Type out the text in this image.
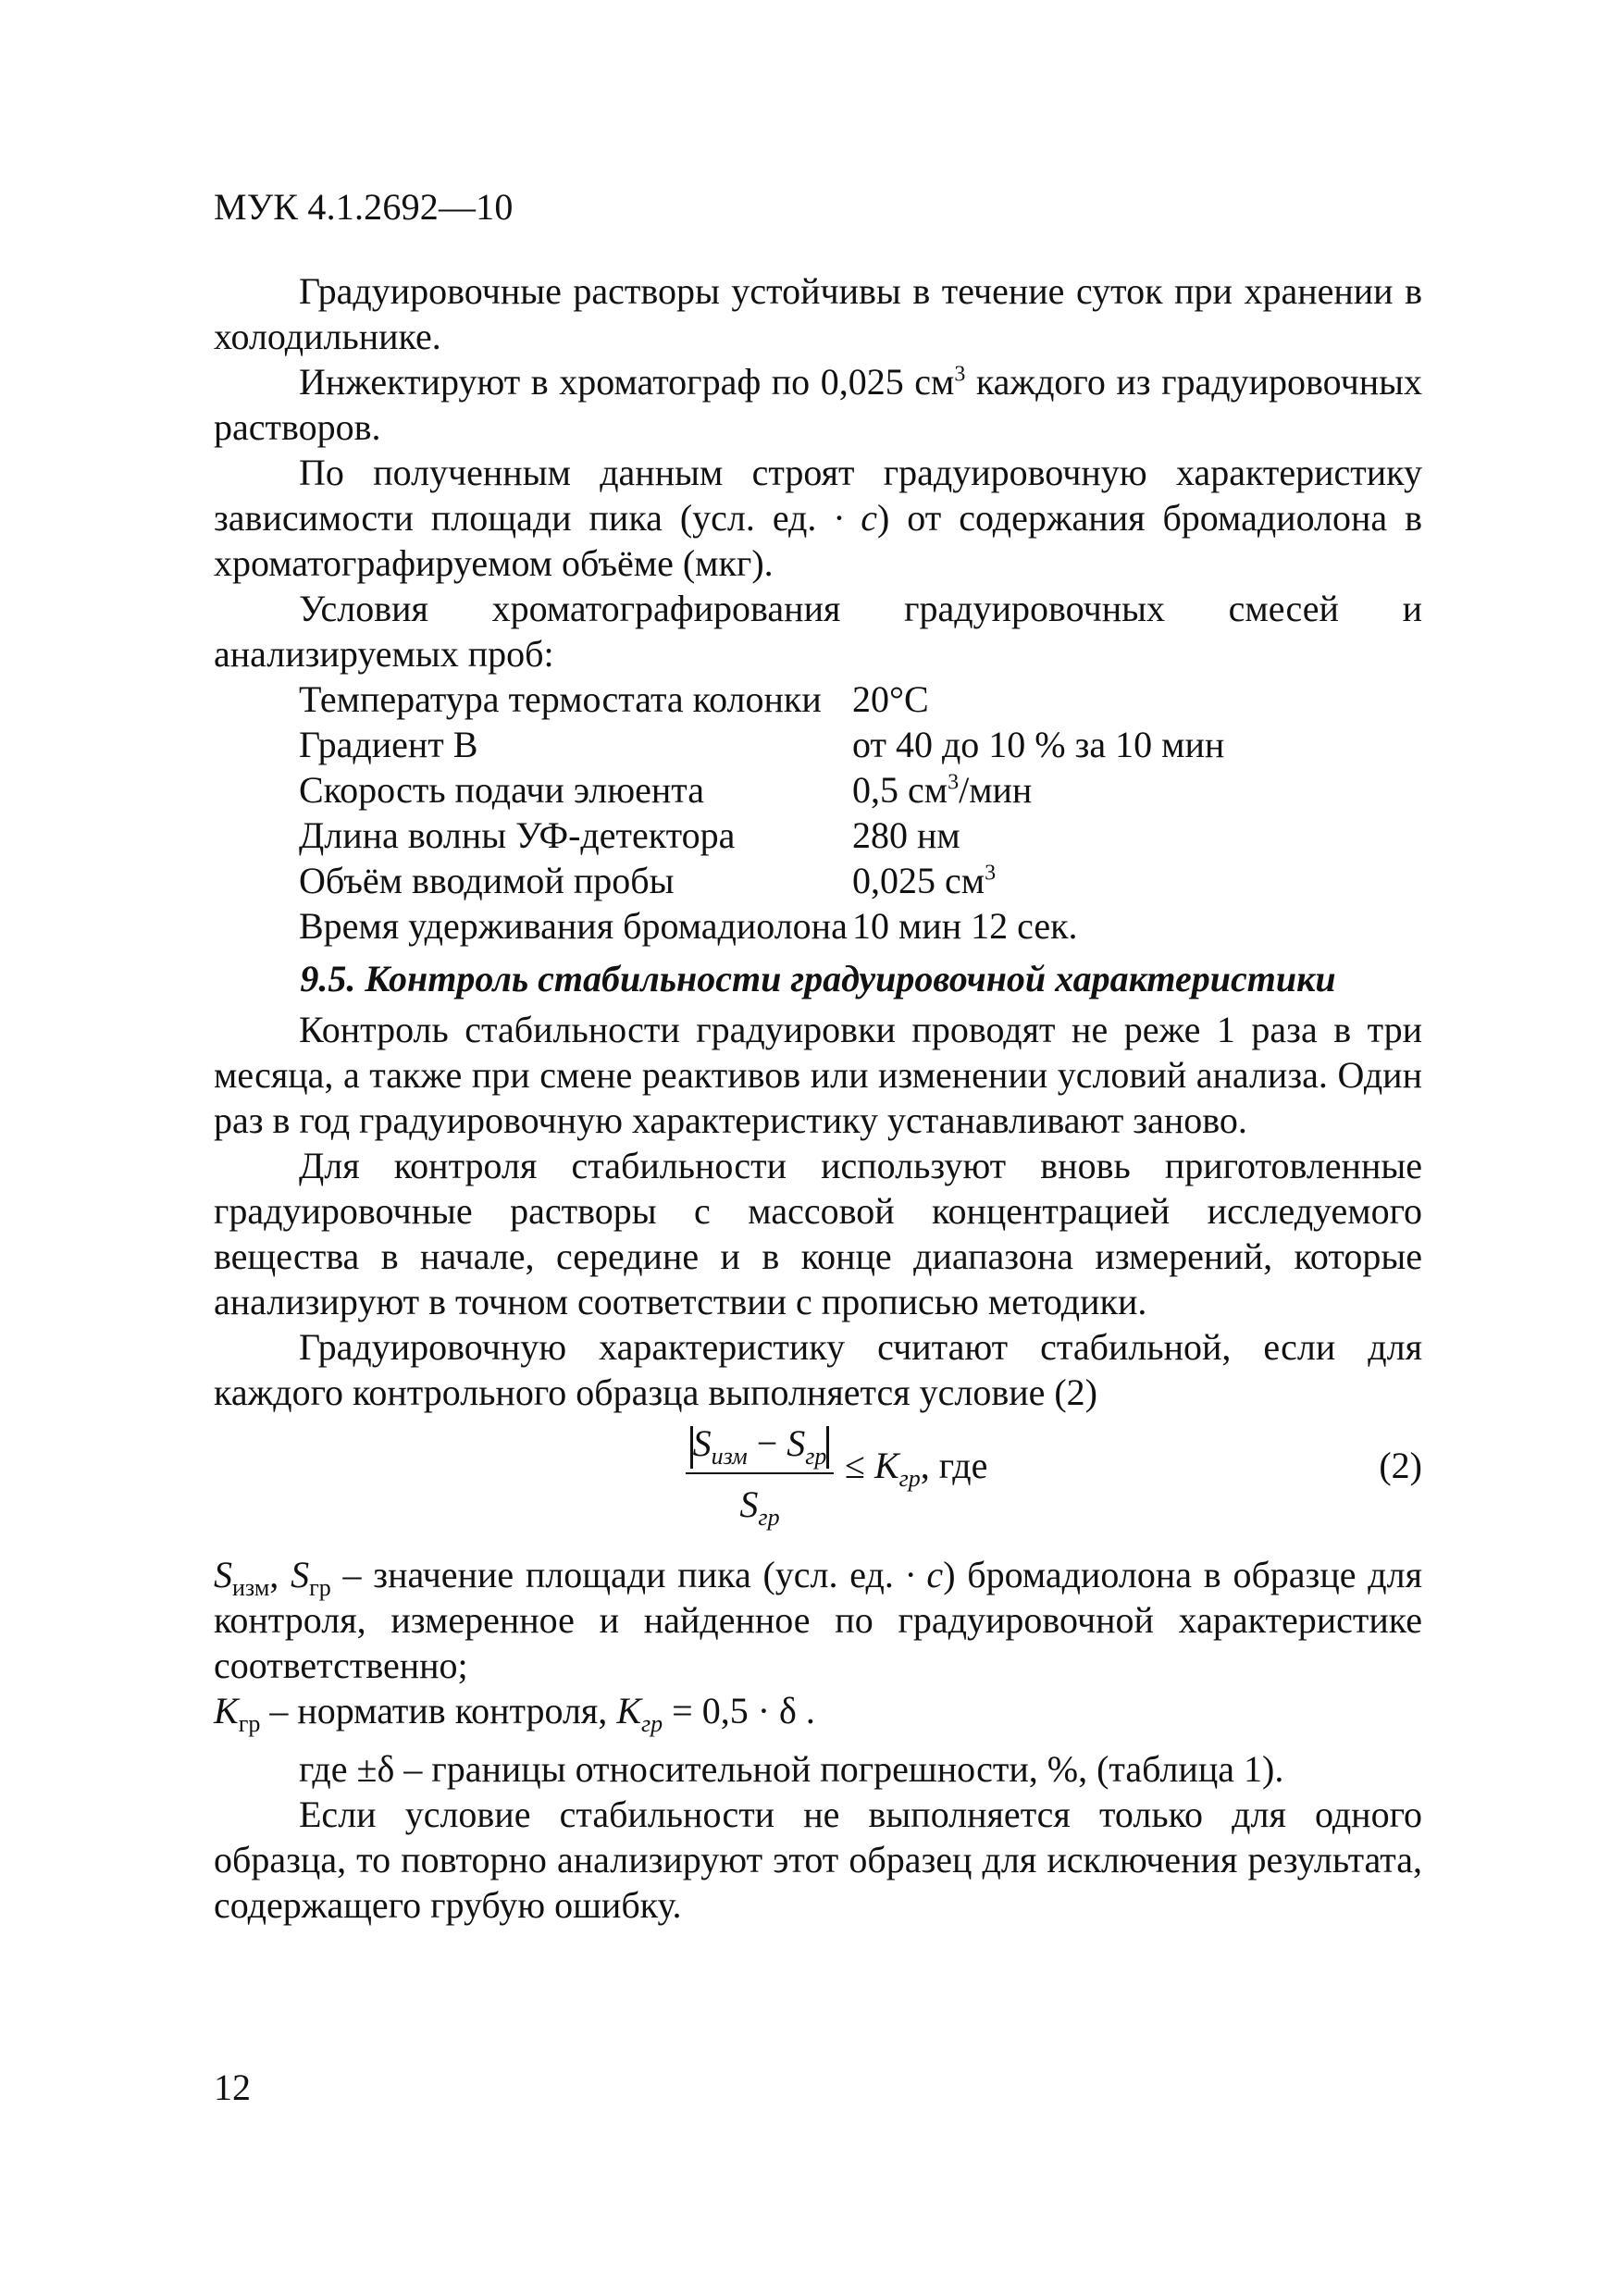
МУК 4.1.2692—10

Градуировочные растворы устойчивы в течение суток при хранении в холодильнике.

Инжектируют в хроматограф по 0,025 $см^3$ каждого из градуировочных растворов.

По полученным данным строят градуировочную характеристику зависимости площади пика (усл. ед. · c) от содержания бромадиолона в хроматографируемом объёме (мкг).

Условия хроматографирования градуировочных смесей и анализируемых проб:

Температура термостата колонки 20°C
Градиент В	от 40 до 10 % за 10 мин
Скорость подачи элюента	0,5 $см^3$/мин
Длина волны УФ-детектора	280 нм
Объём вводимой пробы	0,025 $см^3$
Время удерживания бромадиолона 10 мин 12 сек.
9.5. Контроль стабильности градуировочной характеристики

Контроль стабильности градуировки проводят не реже 1 раза в три месяца, а также при смене реактивов или изменении условий анализа. Один раз в год градуировочную характеристику устанавливают заново.

Для контроля стабильности используют вновь приготовленные градуировочные растворы с массовой концентрацией исследуемого вещества в начале, середине и в конце диапазона измерений, которые анализируют в точном соответствии с прописью методики.

Градуировочную характеристику считают стабильной, если для каждого контрольного образца выполняется условие (2)

$S_{изм} - S_{гр}$
$S_{гр}$
≤ $K_{гр}$, где	(2)

$S_{изм}$, $S_{гр}$ – значение площади пика (усл. ед. · c) бромадиолона в образце для контроля, измеренное и найденное по градуировочной характеристике соответственно;

$K_{гр}$ – норматив контроля, $K_{гр} = 0,5 \cdot \delta$ .

где ±δ – границы относительной погрешности, %, (таблица 1).

Если условие стабильности не выполняется только для одного образца, то повторно анализируют этот образец для исключения результата, содержащего грубую ошибку.

12
